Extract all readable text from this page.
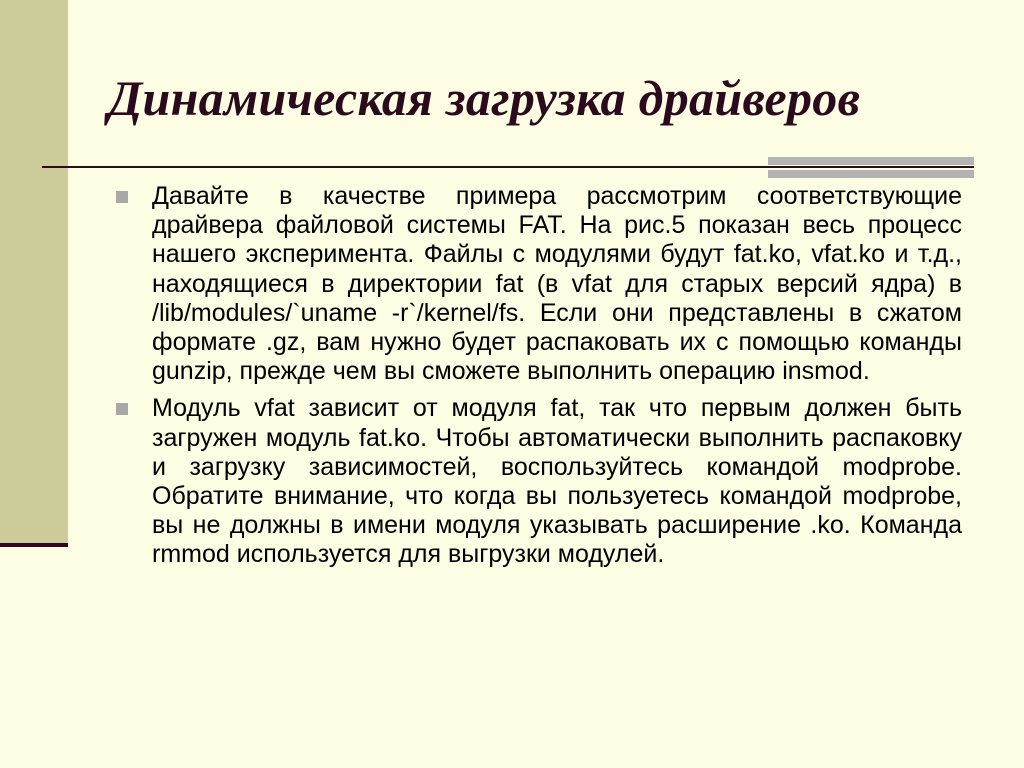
Динамическая загрузка драйверов
Давайте в качестве примера рассмотрим соответствующие драйвера файловой системы FAT. На рис.5 показан весь процесс нашего эксперимента. Файлы с модулями будут fat.ko, vfat.ko и т.д., находящиеся в директории fat (в vfat для старых версий ядра) в /lib/modules/`uname -r`/kernel/fs. Если они представлены в сжатом формате .gz, вам нужно будет распаковать их с помощью команды gunzip, прежде чем вы сможете выполнить операцию insmod.
Модуль vfat зависит от модуля fat, так что первым должен быть загружен модуль fat.ko. Чтобы автоматически выполнить распаковку и загрузку зависимостей, воспользуйтесь командой modprobe. Обратите внимание, что когда вы пользуетесь командой modprobe, вы не должны в имени модуля указывать расширение .ko. Команда rmmod используется для выгрузки модулей.
